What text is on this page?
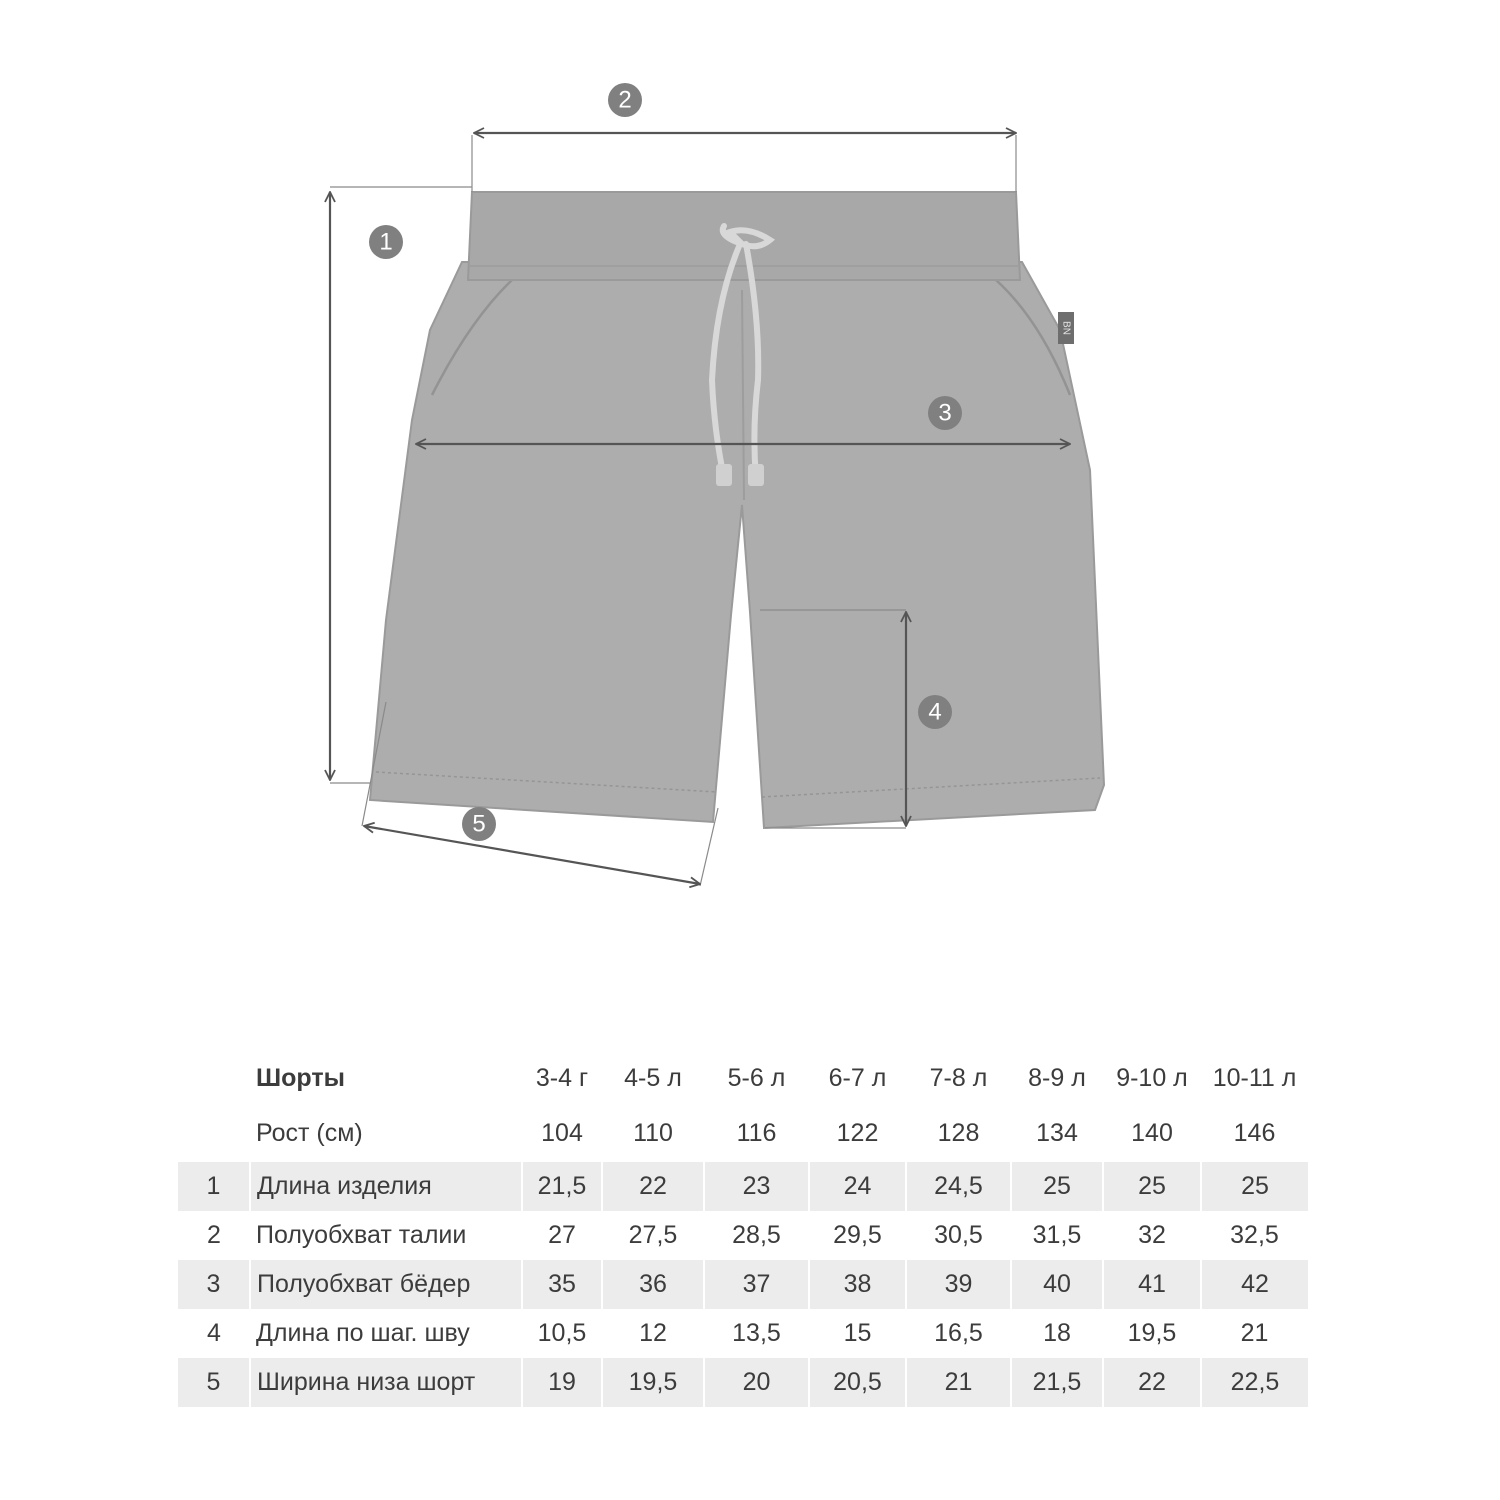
BN
1
2
3
4
5
	Шорты	3-4 г	4-5 л	5-6 л	6-7 л	7-8 л	8-9 л	9-10 л	10-11 л
	Рост (см)	104	110	116	122	128	134	140	146
1	Длина изделия	21,5	22	23	24	24,5	25	25	25
2	Полуобхват талии	27	27,5	28,5	29,5	30,5	31,5	32	32,5
3	Полуобхват бёдер	35	36	37	38	39	40	41	42
4	Длина по шаг. шву	10,5	12	13,5	15	16,5	18	19,5	21
5	Ширина низа шорт	19	19,5	20	20,5	21	21,5	22	22,5
